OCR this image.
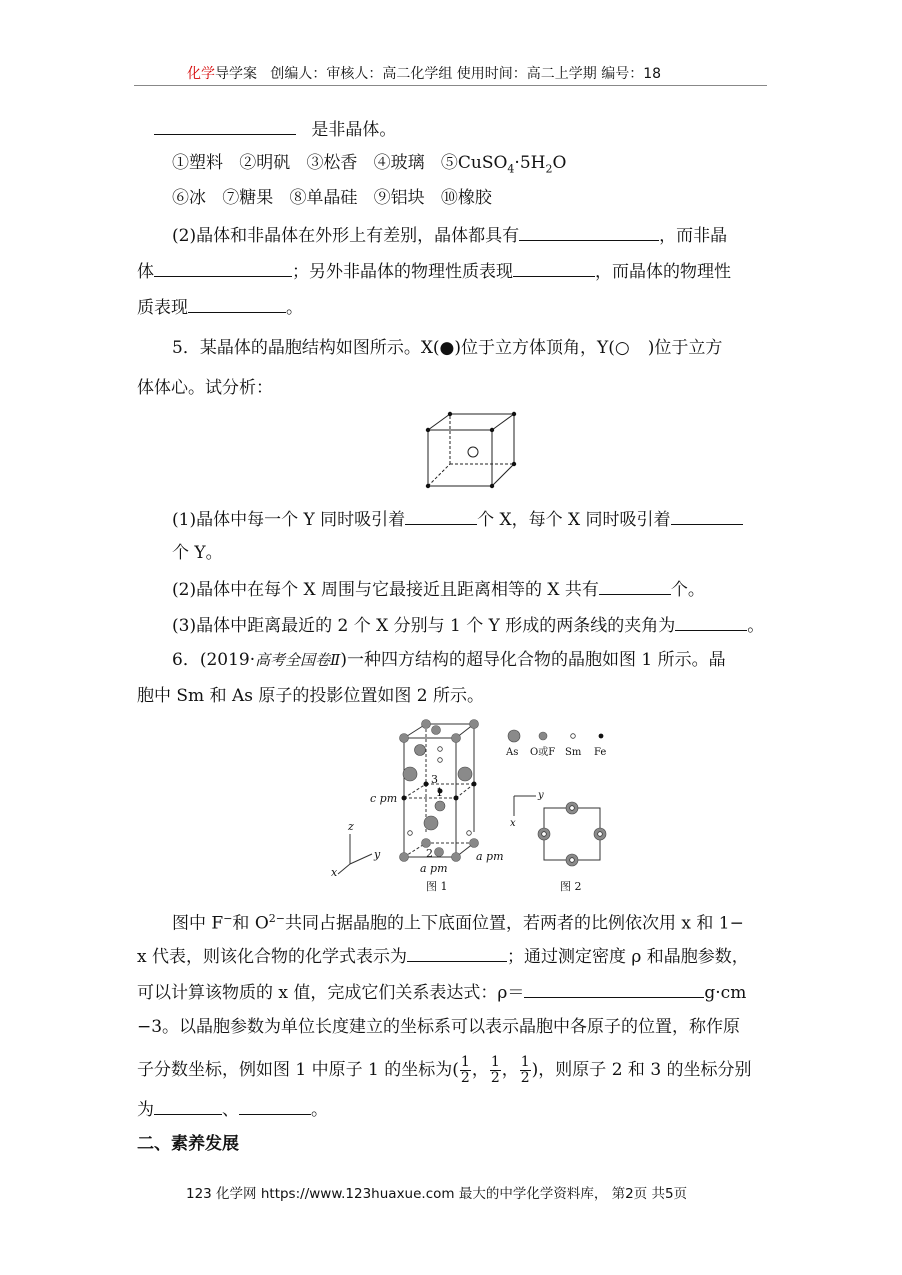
化学导学案 创编人：审核人：高二化学组 使用时间：高二上学期 编号：18
是非晶体。
①塑料 ②明矾 ③松香 ④玻璃 $⑤CuSO_4\cdot 5H_2O$
⑥冰 ⑦糖果 ⑧单晶硅 ⑨铝块 ⑩橡胶
(2)晶体和非晶体在外形上有差别，晶体都具有	，而非晶
体	；另外非晶体的物理性质表现	，而晶体的物理性
质表现	。
5．某晶体的晶胞结构如图所示。X(●)位于立方体顶角，Y(○ )位于立方
体体心。试分析：
(1)晶体中每一个 Y 同时吸引着	个 X，每个 X 同时吸引着
个 Y。
(2)晶体中在每个 X 周围与它最接近且距离相等的 X 共有	个。
(3)晶体中距离最近的 2 个 X 分别与 1 个 Y 形成的两条线的夹角为	。
6．(2019·高考全国卷Ⅱ)一种四方结构的超导化合物的晶胞如图 1 所示。晶
胞中 Sm 和 As 原子的投影位置如图 2 所示。
3
1
2
c pm
a pm
a pm
z
y
x
图 1
As O或F Sm Fe
y
x
图 2
图中 F−和 $O^{2-}$共同占据晶胞的上下底面位置，若两者的比例依次用 x 和 1−
x 代表，则该化合物的化学式表示为	；通过测定密度 ρ 和晶胞参数，
可以计算该物质的 x 值，完成它们关系表达式：ρ＝	g·cm
−3。以晶胞参数为单位长度建立的坐标系可以表示晶胞中各原子的位置，称作原
子分数坐标，例如图 1 中原子 1 的坐标为( $\frac{1}{2}$ ， $\frac{1}{2}$ ， $\frac{1}{2}$ )，则原子 2 和 3 的坐标分别
为	、	。
二、素养发展
123 化学网 https://www.123huaxue.com 最大的中学化学资料库， 第2页 共5页
